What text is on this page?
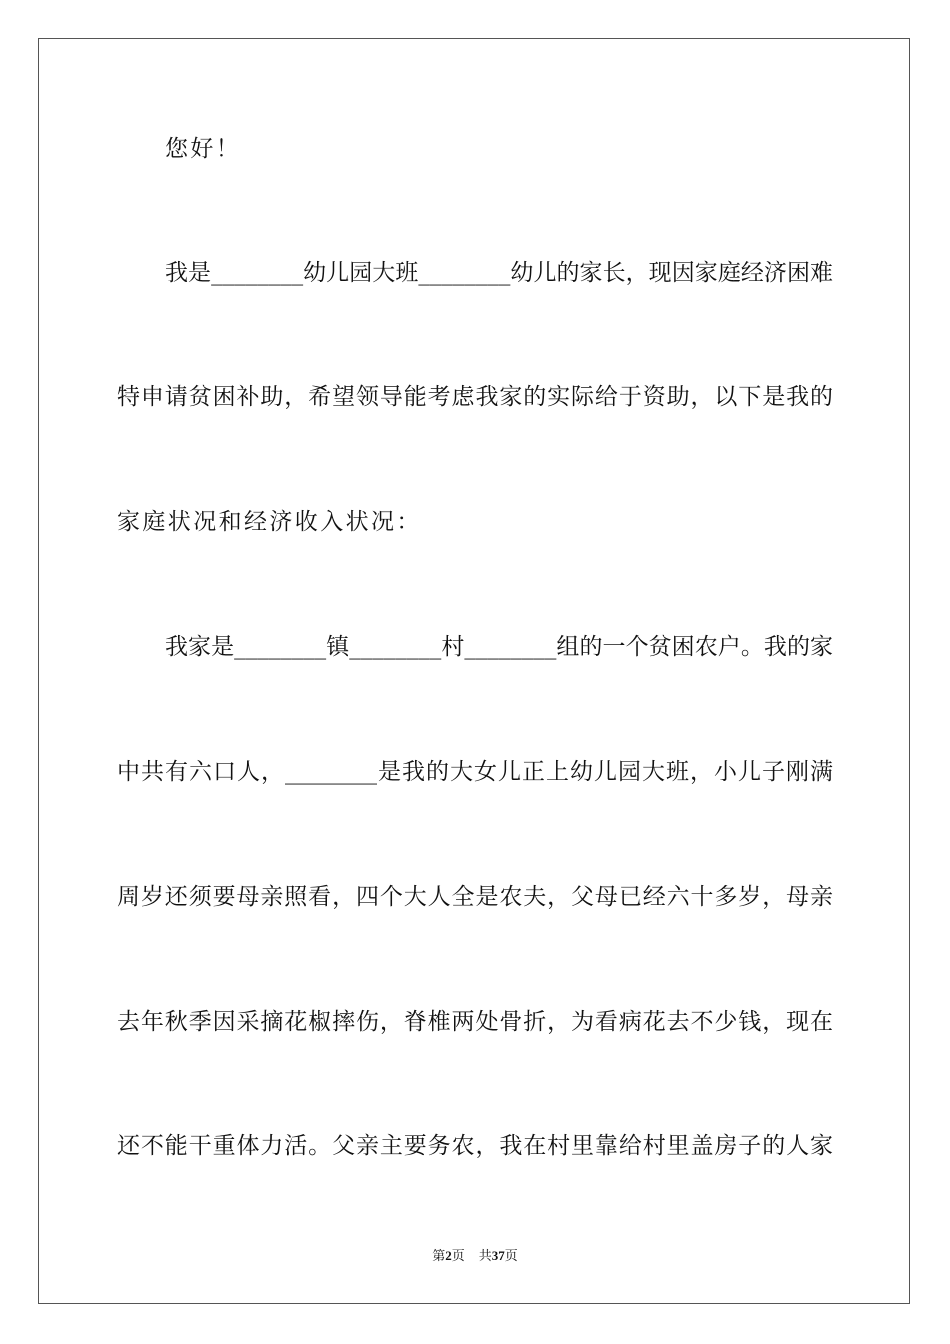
您好！
我是________幼儿园大班________幼儿的家长，现因家庭经济困难
特申请贫困补助，希望领导能考虑我家的实际给于资助，以下是我的
家庭状况和经济收入状况：
我家是________镇________村________组的一个贫困农户。我的家
中共有六口人，________是我的大女儿正上幼儿园大班，小儿子刚满
周岁还须要母亲照看，四个大人全是农夫，父母已经六十多岁，母亲
去年秋季因采摘花椒摔伤，脊椎两处骨折，为看病花去不少钱，现在
还不能干重体力活。父亲主要务农，我在村里靠给村里盖房子的人家
第2页 共37页
